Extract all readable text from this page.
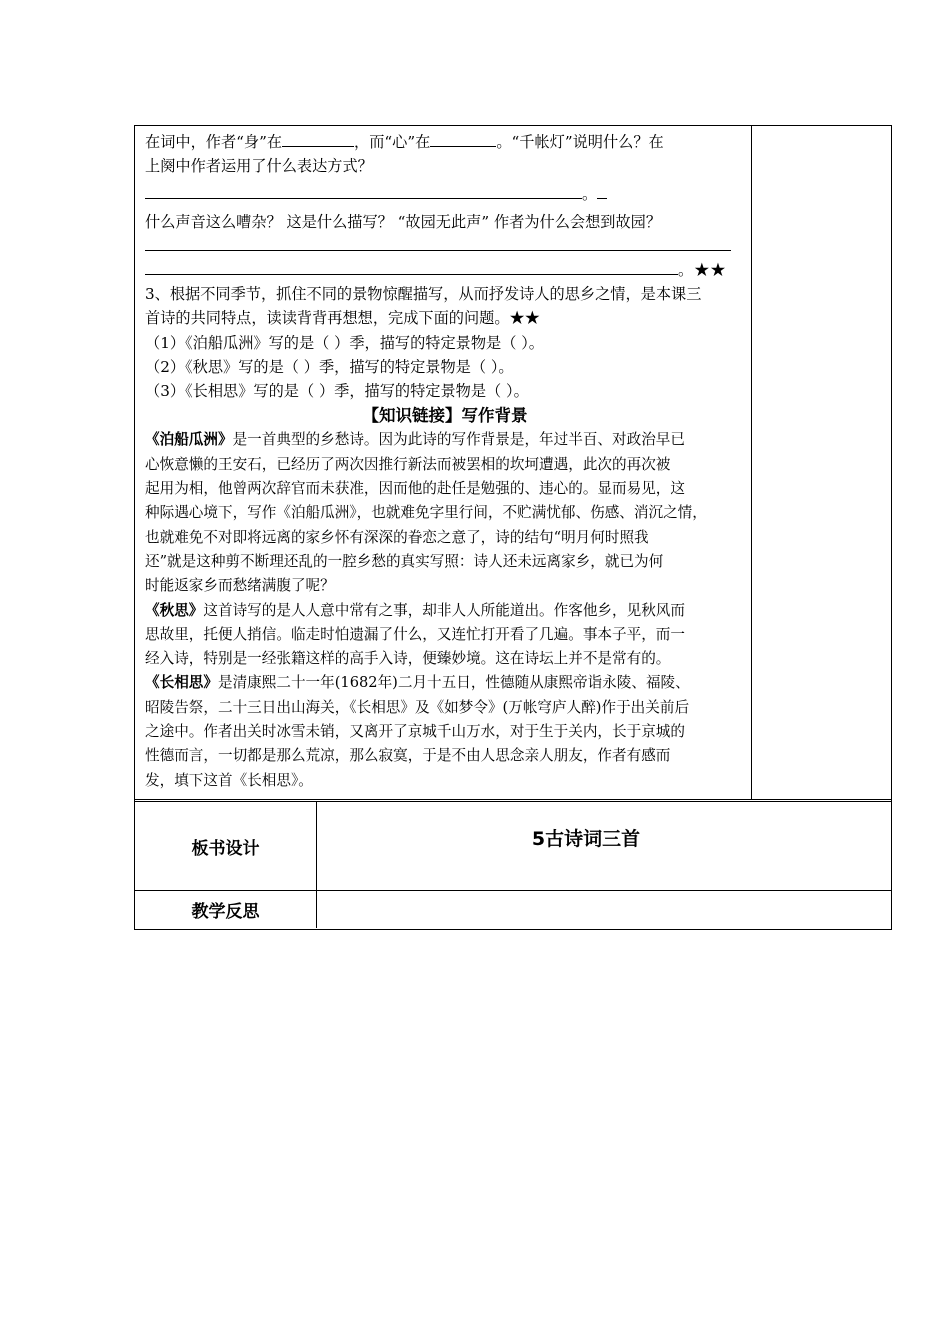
在词中，作者“身”在	，而“心”在	。“千帐灯”说明什么？在
上阕中作者运用了什么表达方式？
。
什么声音这么嘈杂？ 这是什么描写？ “故园无此声” 作者为什么会想到故园？
。★★
3、根据不同季节，抓住不同的景物惊醒描写，从而抒发诗人的思乡之情，是本课三
首诗的共同特点，读读背背再想想，完成下面的问题。★★
（1）《泊船瓜洲》写的是（ ）季，描写的特定景物是（ ）。
（2）《秋思》写的是（ ）季，描写的特定景物是（ ）。
（3）《长相思》写的是（ ）季，描写的特定景物是（ ）。
【知识链接】写作背景
《泊船瓜洲》是一首典型的乡愁诗。因为此诗的写作背景是，年过半百、对政治早已
心恢意懒的王安石，已经历了两次因推行新法而被罢相的坎坷遭遇，此次的再次被
起用为相，他曾两次辞官而未获准，因而他的赴任是勉强的、违心的。显而易见，这
种际遇心境下，写作《泊船瓜洲》，也就难免字里行间，不贮满忧郁、伤感、消沉之情，
也就难免不对即将远离的家乡怀有深深的眷恋之意了，诗的结句“明月何时照我
还”就是这种剪不断理还乱的一腔乡愁的真实写照：诗人还未远离家乡，就已为何
时能返家乡而愁绪满腹了呢？
《秋思》这首诗写的是人人意中常有之事，却非人人所能道出。作客他乡，见秋风而
思故里，托便人捎信。临走时怕遗漏了什么，又连忙打开看了几遍。事本子平，而一
经入诗，特别是一经张籍这样的高手入诗，便臻妙境。这在诗坛上并不是常有的。
《长相思》是清康熙二十一年(1682年)二月十五日，性德随从康熙帝诣永陵、福陵、
昭陵告祭，二十三日出山海关，《长相思》及《如梦令》(万帐穹庐人醉)作于出关前后
之途中。作者出关时冰雪未销，又离开了京城千山万水，对于生于关内，长于京城的
性德而言，一切都是那么荒凉，那么寂寞，于是不由人思念亲人朋友，作者有感而
发，填下这首《长相思》。
板书设计	5古诗词三首
教学反思
